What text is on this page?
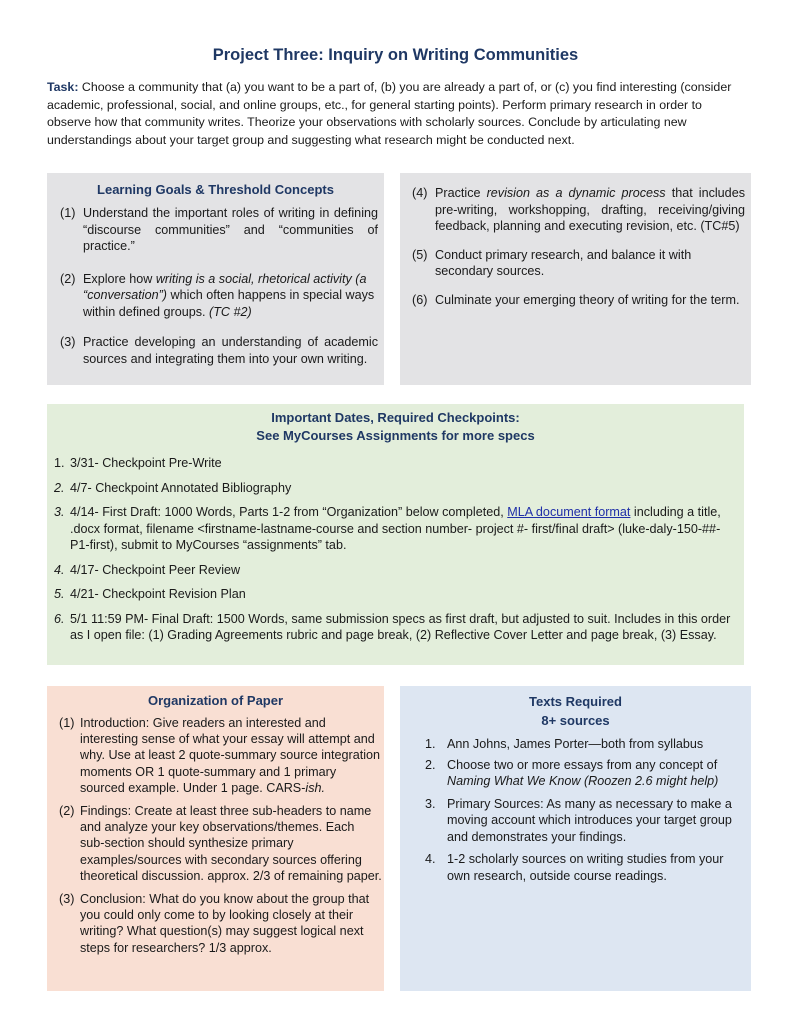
Project Three: Inquiry on Writing Communities
Task: Choose a community that (a) you want to be a part of, (b) you are already a part of, or (c) you find interesting (consider academic, professional, social, and online groups, etc., for general starting points). Perform primary research in order to observe how that community writes. Theorize your observations with scholarly sources. Conclude by articulating new understandings about your target group and suggesting what research might be conducted next.
Learning Goals & Threshold Concepts
(1) Understand the important roles of writing in defining “discourse communities” and “communities of practice.”
(2) Explore how writing is a social, rhetorical activity (a “conversation”) which often happens in special ways within defined groups. (TC #2)
(3) Practice developing an understanding of academic sources and integrating them into your own writing.
(4) Practice revision as a dynamic process that includes pre-writing, workshopping, drafting, receiving/giving feedback, planning and executing revision, etc. (TC#5)
(5) Conduct primary research, and balance it with secondary sources.
(6) Culminate your emerging theory of writing for the term.
Important Dates, Required Checkpoints:
See MyCourses Assignments for more specs
1. 3/31- Checkpoint Pre-Write
2. 4/7- Checkpoint Annotated Bibliography
3. 4/14- First Draft: 1000 Words, Parts 1-2 from “Organization” below completed, MLA document format including a title, .docx format, filename <firstname-lastname-course and section number- project #- first/final draft> (luke-daly-150-##-P1-first), submit to MyCourses “assignments” tab.
4. 4/17- Checkpoint Peer Review
5. 4/21- Checkpoint Revision Plan
6. 5/1 11:59 PM- Final Draft: 1500 Words, same submission specs as first draft, but adjusted to suit. Includes in this order as I open file: (1) Grading Agreements rubric and page break, (2) Reflective Cover Letter and page break, (3) Essay.
Organization of Paper
(1) Introduction: Give readers an interested and interesting sense of what your essay will attempt and why. Use at least 2 quote-summary source integration moments OR 1 quote-summary and 1 primary sourced example. Under 1 page. CARS-ish.
(2) Findings: Create at least three sub-headers to name and analyze your key observations/themes. Each sub-section should synthesize primary examples/sources with secondary sources offering theoretical discussion. approx. 2/3 of remaining paper.
(3) Conclusion: What do you know about the group that you could only come to by looking closely at their writing? What question(s) may suggest logical next steps for researchers? 1/3 approx.
Texts Required
8+ sources
1. Ann Johns, James Porter—both from syllabus
2. Choose two or more essays from any concept of Naming What We Know (Roozen 2.6 might help)
3. Primary Sources: As many as necessary to make a moving account which introduces your target group and demonstrates your findings.
4. 1-2 scholarly sources on writing studies from your own research, outside course readings.
